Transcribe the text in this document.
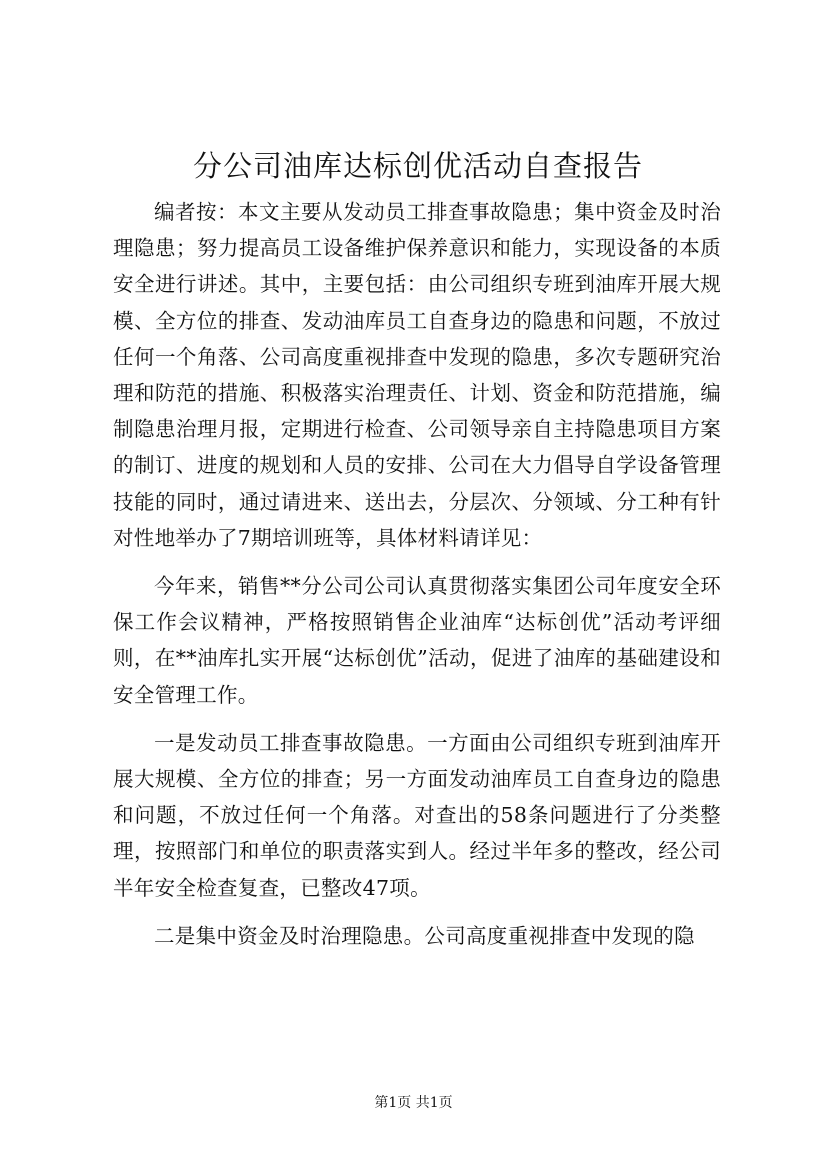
分公司油库达标创优活动自查报告

编者按：本文主要从发动员工排查事故隐患；集中资金及时治理隐患；努力提高员工设备维护保养意识和能力，实现设备的本质安全进行讲述。其中，主要包括：由公司组织专班到油库开展大规模、全方位的排查、发动油库员工自查身边的隐患和问题，不放过任何一个角落、公司高度重视排查中发现的隐患，多次专题研究治理和防范的措施、积极落实治理责任、计划、资金和防范措施，编制隐患治理月报，定期进行检查、公司领导亲自主持隐患项目方案的制订、进度的规划和人员的安排、公司在大力倡导自学设备管理技能的同时，通过请进来、送出去，分层次、分领域、分工种有针对性地举办了7期培训班等，具体材料请详见：

今年来，销售**分公司公司认真贯彻落实集团公司年度安全环保工作会议精神，严格按照销售企业油库“达标创优”活动考评细则，在**油库扎实开展“达标创优”活动，促进了油库的基础建设和安全管理工作。

一是发动员工排查事故隐患。一方面由公司组织专班到油库开展大规模、全方位的排查；另一方面发动油库员工自查身边的隐患和问题，不放过任何一个角落。对查出的58条问题进行了分类整理，按照部门和单位的职责落实到人。经过半年多的整改，经公司半年安全检查复查，已整改47项。

二是集中资金及时治理隐患。公司高度重视排查中发现的隐

第1页 共1页
